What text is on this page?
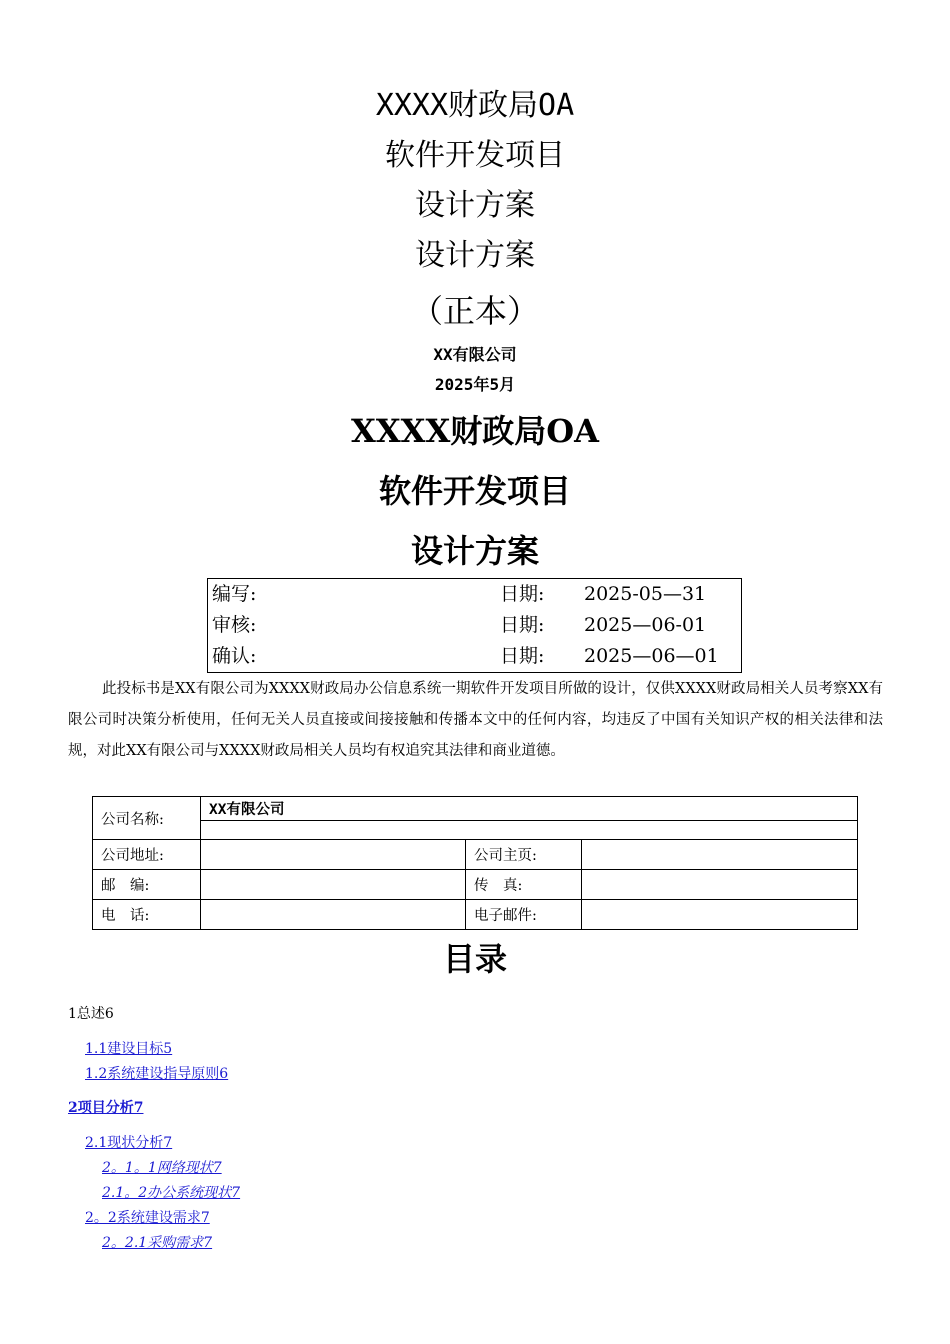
XXXX财政局OA
软件开发项目
设计方案
设计方案
（正本）
XX有限公司
2025年5月
XXXX财政局OA
软件开发项目
设计方案
编写:	日期: 2025-05—31
审核:	日期: 2025—06-01
确认:	日期: 2025—06—01
此投标书是XX有限公司为XXXX财政局办公信息系统一期软件开发项目所做的设计，仅供XXXX财政局相关人员考察XX有限公司时决策分析使用，任何无关人员直接或间接接触和传播本文中的任何内容，均违反了中国有关知识产权的相关法律和法规，对此XX有限公司与XXXX财政局相关人员均有权追究其法律和商业道德。
公司名称:	XX有限公司		

公司地址:		公司主页:	
邮　编:		传　真:	
电　话:		电子邮件:	
目录
1总述6
1.1建设目标5
1.2系统建设指导原则6
2项目分析7
2.1现状分析7
2。1。1网络现状7
2.1。2办公系统现状7
2。2系统建设需求7
2。2.1采购需求7
